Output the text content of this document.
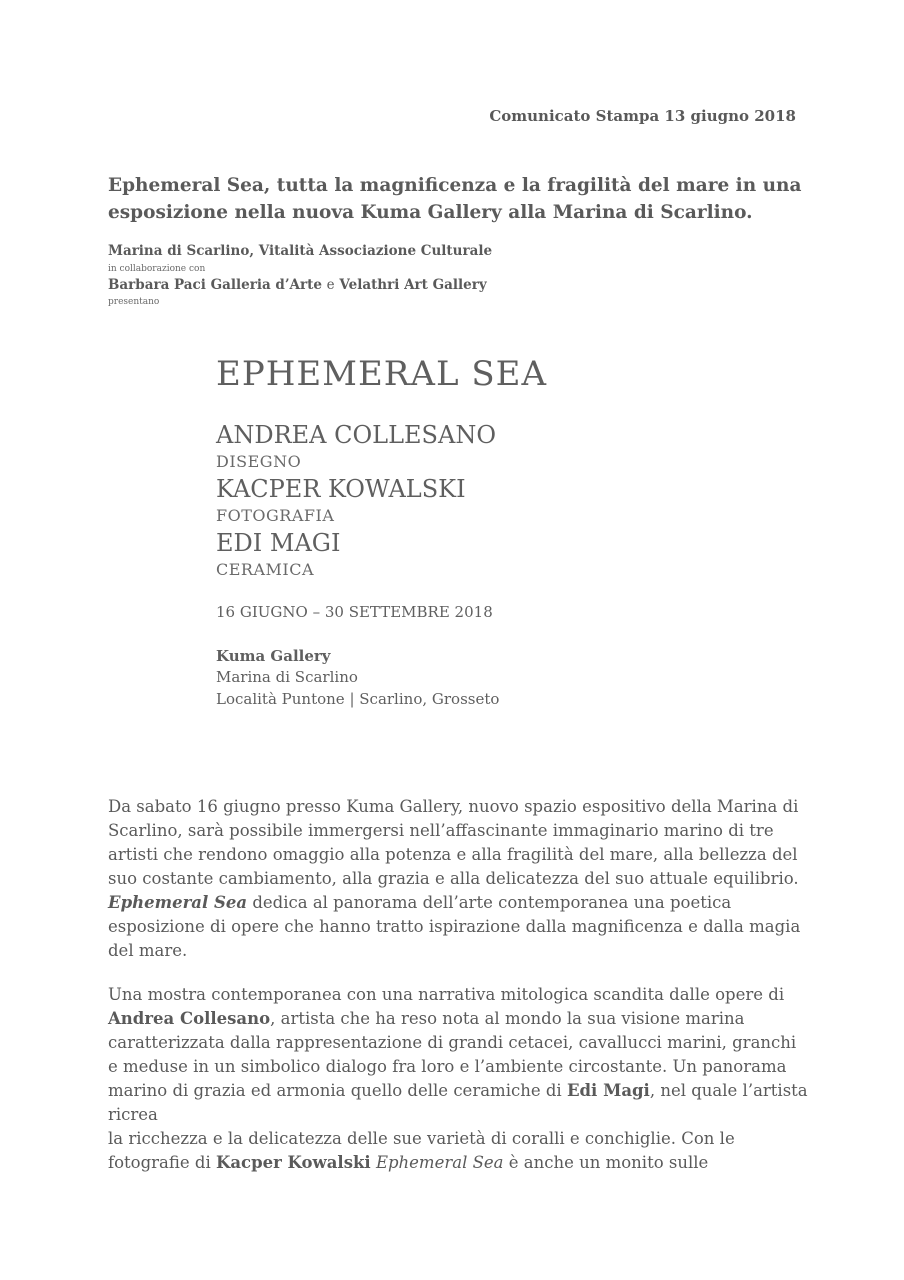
Comunicato Stampa 13 giugno 2018
Ephemeral Sea, tutta la magnificenza e la fragilità del mare in una
esposizione nella nuova Kuma Gallery alla Marina di Scarlino.
Marina di Scarlino, Vitalità Associazione Culturale
in collaborazione con
Barbara Paci Galleria d’Arte e Velathri Art Gallery
presentano
EPHEMERAL SEA
ANDREA COLLESANO
DISEGNO
KACPER KOWALSKI
FOTOGRAFIA
EDI MAGI
CERAMICA
16 GIUGNO – 30 SETTEMBRE 2018
Kuma Gallery
Marina di Scarlino
Località Puntone | Scarlino, Grosseto

Da sabato 16 giugno presso Kuma Gallery, nuovo spazio espositivo della Marina di Scarlino, sarà possibile immergersi nell’affascinante immaginario marino di tre artisti che rendono omaggio alla potenza e alla fragilità del mare, alla bellezza del suo costante cambiamento, alla grazia e alla delicatezza del suo attuale equilibrio. Ephemeral Sea dedica al panorama dell’arte contemporanea una poetica esposizione di opere che hanno tratto ispirazione dalla magnificenza e dalla magia del mare.

Una mostra contemporanea con una narrativa mitologica scandita dalle opere di Andrea Collesano, artista che ha reso nota al mondo la sua visione marina caratterizzata dalla rappresentazione di grandi cetacei, cavallucci marini, granchi e meduse in un simbolico dialogo fra loro e l’ambiente circostante. Un panorama marino di grazia ed armonia quello delle ceramiche di Edi Magi, nel quale l’artista ricrea
la ricchezza e la delicatezza delle sue varietà di coralli e conchiglie. Con le fotografie di Kacper Kowalski Ephemeral Sea è anche un monito sulle
